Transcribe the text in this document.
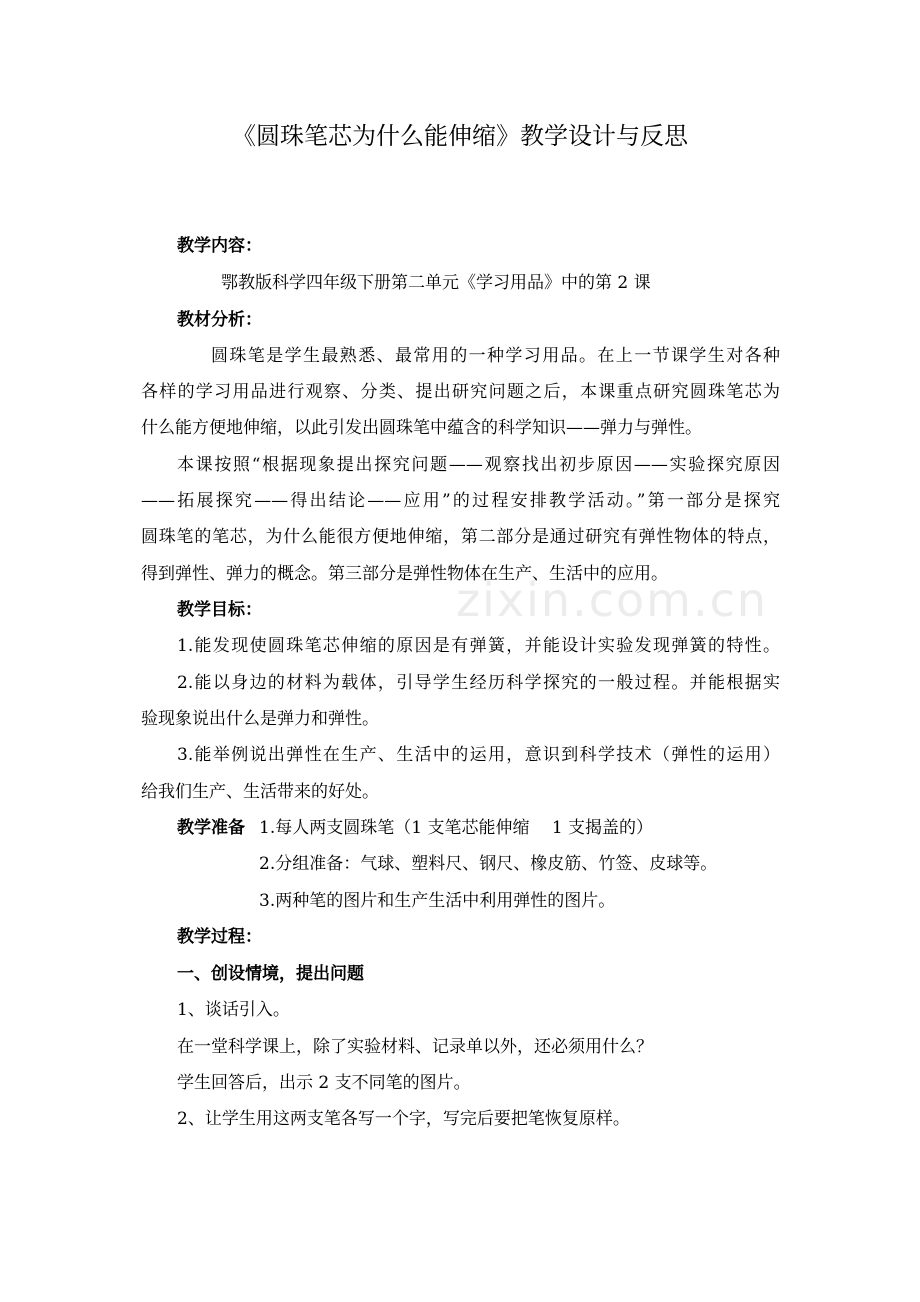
zixin.com.cn
《圆珠笔芯为什么能伸缩》教学设计与反思
教学内容：
鄂教版科学四年级下册第二单元《学习用品》中的第 2 课
教材分析：
圆珠笔是学生最熟悉、最常用的一种学习用品。在上一节课学生对各种
各样的学习用品进行观察、分类、提出研究问题之后，本课重点研究圆珠笔芯为
什么能方便地伸缩，以此引发出圆珠笔中蕴含的科学知识——弹力与弹性。
本课按照“根据现象提出探究问题——观察找出初步原因——实验探究原因
——拓展探究——得出结论——应用”的过程安排教学活动。”第一部分是探究
圆珠笔的笔芯，为什么能很方便地伸缩，第二部分是通过研究有弹性物体的特点，
得到弹性、弹力的概念。第三部分是弹性物体在生产、生活中的应用。
教学目标：
1.能发现使圆珠笔芯伸缩的原因是有弹簧，并能设计实验发现弹簧的特性。
2.能以身边的材料为载体，引导学生经历科学探究的一般过程。并能根据实
验现象说出什么是弹力和弹性。
3.能举例说出弹性在生产、生活中的运用，意识到科学技术（弹性的运用）
给我们生产、生活带来的好处。
教学准备 1.每人两支圆珠笔（1 支笔芯能伸缩　 1 支揭盖的）
2.分组准备：气球、塑料尺、钢尺、橡皮筋、竹签、皮球等。
3.两种笔的图片和生产生活中利用弹性的图片。
教学过程：
一、创设情境，提出问题
1、谈话引入。
在一堂科学课上，除了实验材料、记录单以外，还必须用什么？
学生回答后，出示 2 支不同笔的图片。
2、让学生用这两支笔各写一个字，写完后要把笔恢复原样。
